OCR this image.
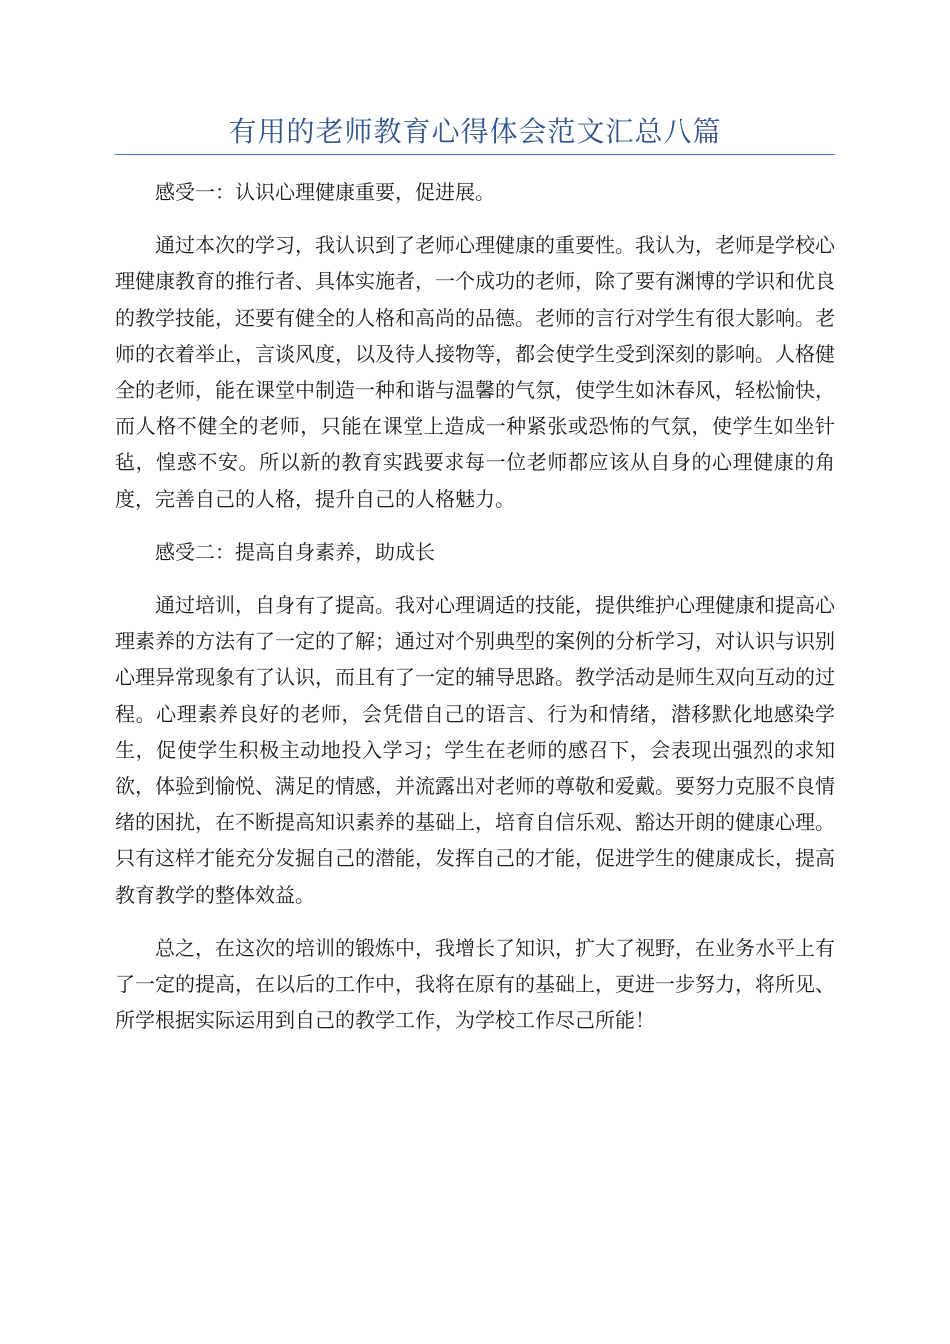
有用的老师教育心得体会范文汇总八篇

感受一：认识心理健康重要，促进展。

通过本次的学习，我认识到了老师心理健康的重要性。我认为，老师是学校心理健康教育的推行者、具体实施者，一个成功的老师，除了要有渊博的学识和优良的教学技能，还要有健全的人格和高尚的品德。老师的言行对学生有很大影响。老师的衣着举止，言谈风度，以及待人接物等，都会使学生受到深刻的影响。人格健全的老师，能在课堂中制造一种和谐与温馨的气氛，使学生如沐春风，轻松愉快，而人格不健全的老师，只能在课堂上造成一种紧张或恐怖的气氛，使学生如坐针毡，惶惑不安。所以新的教育实践要求每一位老师都应该从自身的心理健康的角度，完善自己的人格，提升自己的人格魅力。

感受二：提高自身素养，助成长

通过培训，自身有了提高。我对心理调适的技能，提供维护心理健康和提高心理素养的方法有了一定的了解；通过对个别典型的案例的分析学习，对认识与识别心理异常现象有了认识，而且有了一定的辅导思路。教学活动是师生双向互动的过程。心理素养良好的老师，会凭借自己的语言、行为和情绪，潜移默化地感染学生，促使学生积极主动地投入学习；学生在老师的感召下，会表现出强烈的求知欲，体验到愉悦、满足的情感，并流露出对老师的尊敬和爱戴。要努力克服不良情绪的困扰，在不断提高知识素养的基础上，培育自信乐观、豁达开朗的健康心理。只有这样才能充分发掘自己的潜能，发挥自己的才能，促进学生的健康成长，提高教育教学的整体效益。

总之，在这次的培训的锻炼中，我增长了知识，扩大了视野，在业务水平上有了一定的提高，在以后的工作中，我将在原有的基础上，更进一步努力，将所见、所学根据实际运用到自己的教学工作，为学校工作尽己所能！
